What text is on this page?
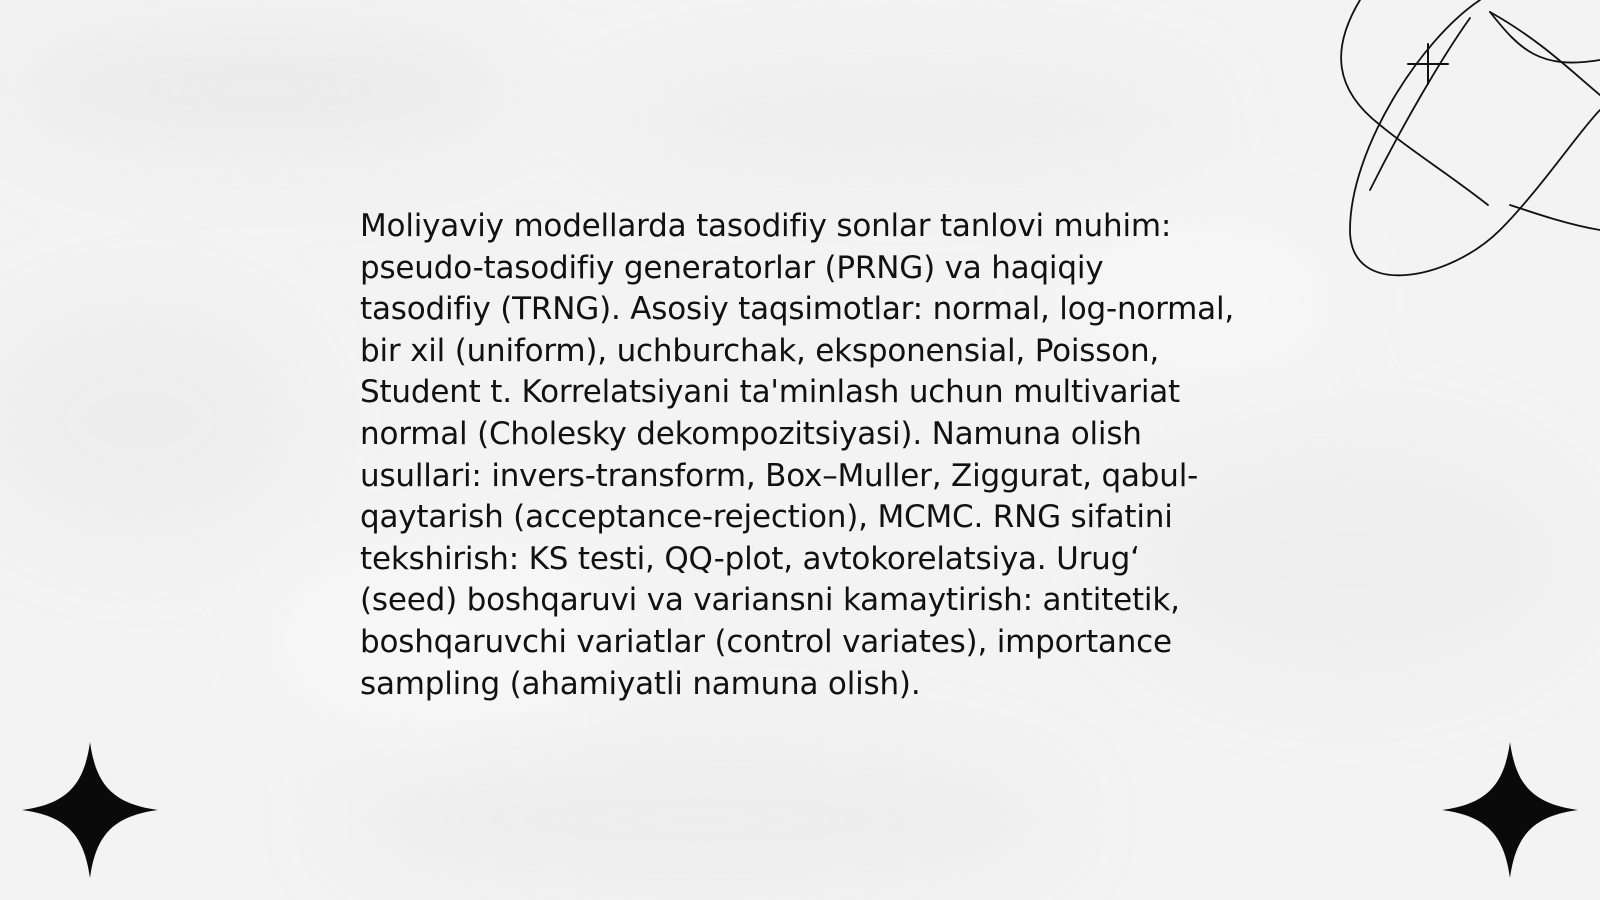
Moliyaviy modellarda tasodifiy sonlar tanlovi muhim: pseudo-tasodifiy generatorlar (PRNG) va haqiqiy tasodifiy (TRNG). Asosiy taqsimotlar: normal, log-normal, bir xil (uniform), uchburchak, eksponensial, Poisson, Student t. Korrelatsiyani ta'minlash uchun multivariat normal (Cholesky dekompozitsiyasi). Namuna olish usullari: invers-transform, Box–Muller, Ziggurat, qabul-qaytarish (acceptance-rejection), MCMC. RNG sifatini tekshirish: KS testi, QQ-plot, avtokorelatsiya. Urug‘ (seed) boshqaruvi va variansni kamaytirish: antitetik, boshqaruvchi variatlar (control variates), importance sampling (ahamiyatli namuna olish).
